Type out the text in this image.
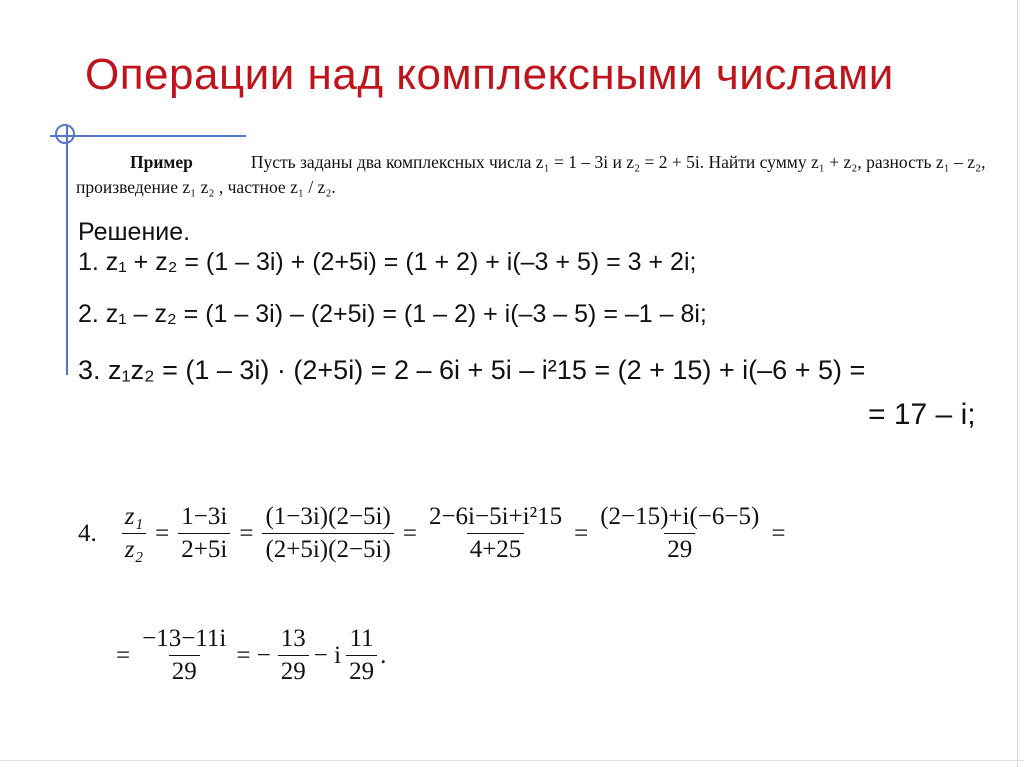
Операции над комплексными числами
Пример	Пусть заданы два комплексных числа z₁ = 1 – 3i и z₂ = 2 + 5i. Найти сумму z₁ + z₂, разность z₁ – z₂, произведение z₁ z₂ , частное z₁ / z₂.
Решение.
1. z₁ + z₂ = (1 – 3i) + (2+5i) = (1 + 2) + i(–3 + 5) = 3 + 2i;
2. z₁ – z₂ = (1 – 3i) – (2+5i) = (1 – 2) + i(–3 – 5) = –1 – 8i;
3. z₁z₂ = (1 – 3i) · (2+5i) = 2 – 6i + 5i – i²15 = (2 + 15) + i(–6 + 5) =
= 17 – i;
4. $\frac{\text{z₁}}{\text{z₂}} = \frac{1-3i}{2+5i} = \frac{(1-3i)(2-5i)}{(2+5i)(2-5i)} = \frac{\text{2−6i−5i+i²15}}{4+25} = \frac{(2-15)+i(-6-5)}{29}$ =
= $\frac{-13-11i}{29}$ = − $\frac{13}{29} - i \frac{11}{29}$ .
